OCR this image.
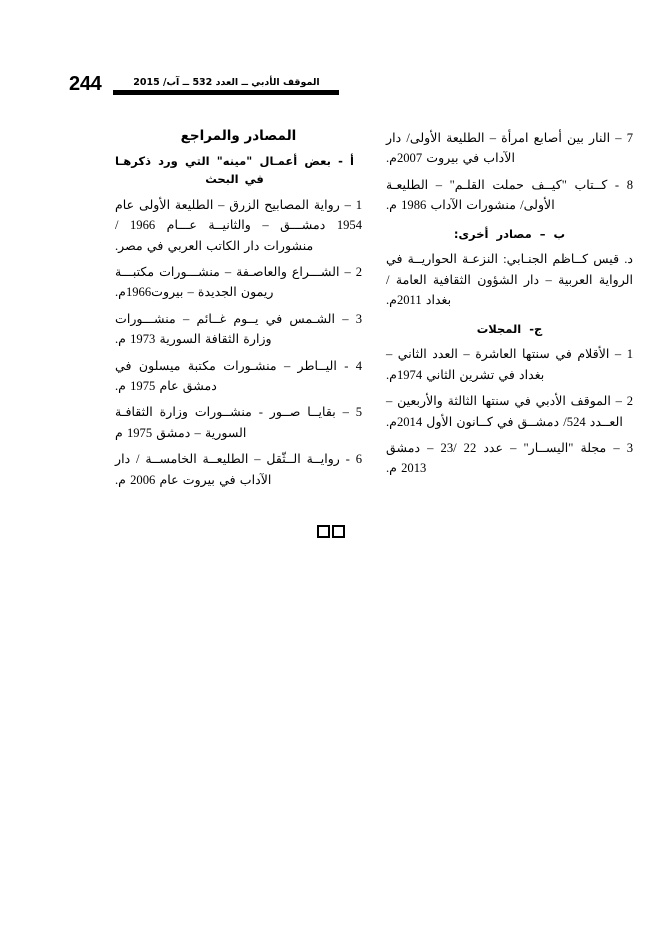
244	الموقف الأدبي ــ العدد 532 ــ آب/ 2015

7 – النار بين أصابع امرأة – الطليعة الأولى/ دار الآداب في بيروت 2007م.

8 - كــتاب "كيــف حملت القلـم" – الطليعـة الأولى/ منشورات الآداب 1986 م.

ب – مصادر أخرى:

د. قيس كــاظم الجنـابي: النزعـة الحواريــة في الرواية العربية – دار الشؤون الثقافية العامة / بغداد 2011م.

ج- المجلات

1 – الأقلام في سنتها العاشرة – العدد الثاني – بغداد في تشرين الثاني 1974م.

2 – الموقف الأدبي في سنتها الثالثة والأربعين – العــدد 524/ دمشــق في كــانون الأول 2014م.

3 – مجلة "اليســار" – عدد 22 /23 – دمشق 2013 م.

المصادر والمراجع

أ - بعض أعمـال "مينه" التي ورد ذكرهـا في البحث

1 – رواية المصابيح الزرق – الطليعة الأولى عام 1954 دمشـــق – والثانيــة عـــام 1966 / منشورات دار الكاتب العربي في مصر.

2 – الشـــراع والعاصـفة – منشـــورات مكتبـــة ريمون الجديدة – بيروت1966م.

3 – الشـمس في يــوم غــائم – منشـــورات وزارة الثقافة السورية 1973 م.

4 - اليــاطر – منشـورات مكتبة ميسلون في دمشق عام 1975 م.

5 – بقايــا صــور - منشــورات وزارة الثقافـة السورية – دمشق 1975 م

6 - روايــة الــثّقل – الطليعــة الخامســة / دار الآداب في بيروت عام 2006 م.
